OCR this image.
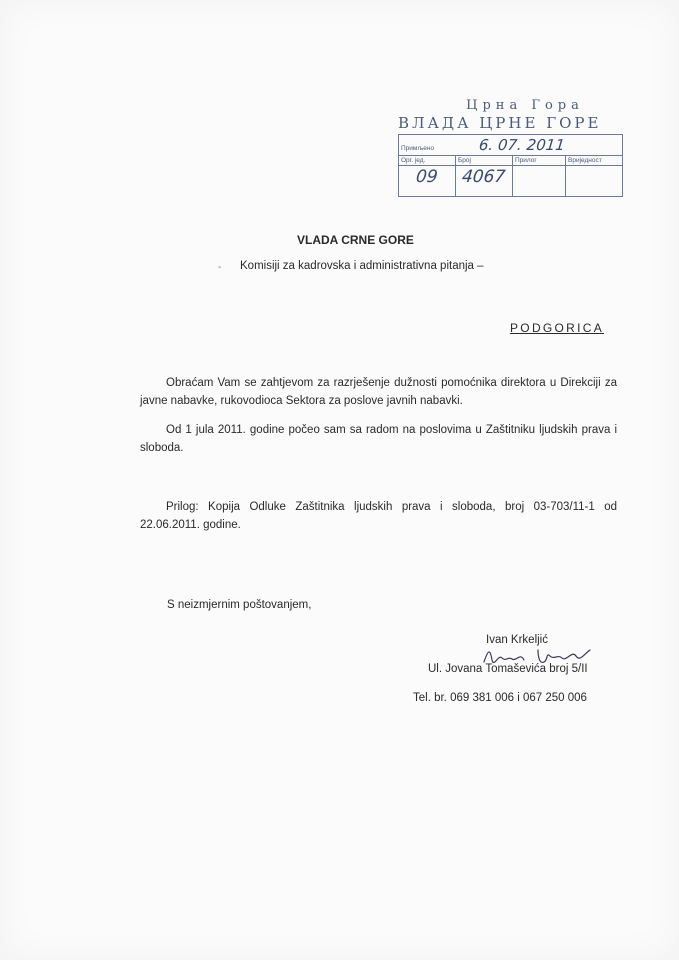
Црна Гора
ВЛАДА ЦРНЕ ГОРЕ
Примљено 6. 07. 2011			
Орг. јед.	Број	Прилог	Вриједност
09	4067		
VLADA CRNE GORE
- Komisiji za kadrovska i administrativna pitanja –
PODGORICA
Obraćam Vam se zahtjevom za razrješenje dužnosti pomoćnika direktora u Direkciji za javne nabavke, rukovodioca Sektora za poslove javnih nabavki.
Od 1 jula 2011. godine počeo sam sa radom na poslovima u Zaštitniku ljudskih prava i sloboda.
Prilog: Kopija Odluke Zaštitnika ljudskih prava i sloboda, broj 03-703/11-1 od 22.06.2011. godine.
S neizmjernim poštovanjem,
Ivan Krkeljić
Ul. Jovana Tomaševića broj 5/II
Tel. br. 069 381 006 i 067 250 006
